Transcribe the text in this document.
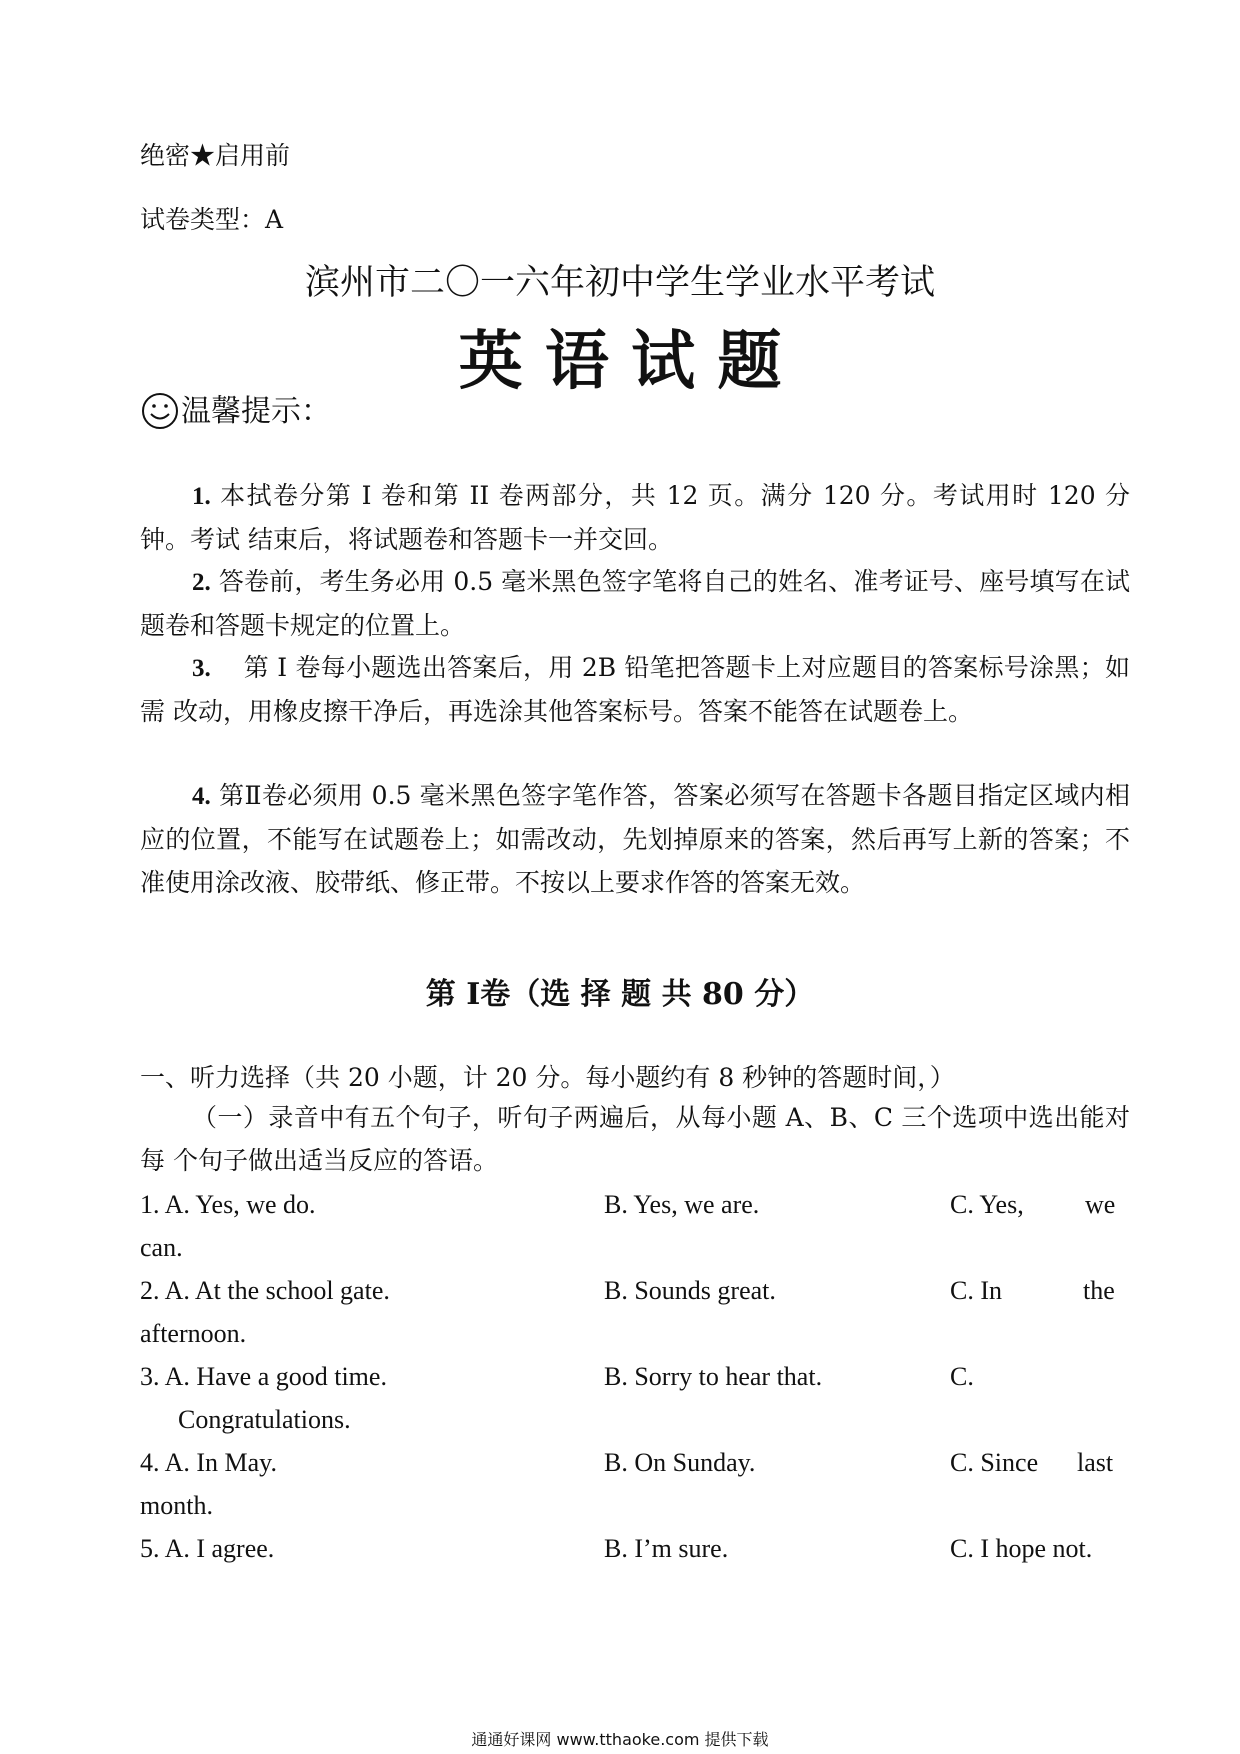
绝密★启用前
试卷类型：A
滨州市二〇一六年初中学生学业水平考试
英 语 试 题
温馨提示：
1. 本拭卷分第 I 卷和第 II 卷两部分，共 12 页。满分 120 分。考试用时 120 分钟。考试 结束后，将试题卷和答题卡一并交回。
2. 答卷前，考生务必用 0.5 毫米黑色签字笔将自己的姓名、准考证号、座号填写在试 题卷和答题卡规定的位置上。
3. 第 I 卷每小题选出答案后，用 2B 铅笔把答题卡上对应题目的答案标号涂黑；如需 改动，用橡皮擦干净后，再选涂其他答案标号。答案不能答在试题卷上。
4. 第Ⅱ卷必须用 0.5 毫米黑色签字笔作答，答案必须写在答题卡各题目指定区域内相 应的位置，不能写在试题卷上；如需改动，先划掉原来的答案，然后再写上新的答案；不 准使用涂改液、胶带纸、修正带。不按以上要求作答的答案无效。
第 I卷（选 择 题 共 80 分）
一、听力选择（共 20 小题，计 20 分。每小题约有 8 秒钟的答题时间，）
（一）录音中有五个句子，听句子两遍后，从每小题 A、B、C 三个选项中选出能对每 个句子做出适当反应的答语。
1. A. Yes, we do.	B. Yes, we are.	C. Yes, we
can.
2. A. At the school gate.	B. Sounds great.	C. In	the
afternoon.
3. A. Have a good time.	B. Sorry to hear that.	C.
Congratulations.
4. A. In May.	B. On Sunday.	C. Since last
month.
5. A. I agree.	B. I’m sure.	C. I hope not.
通通好课网 www.tthaoke.com 提供下载
